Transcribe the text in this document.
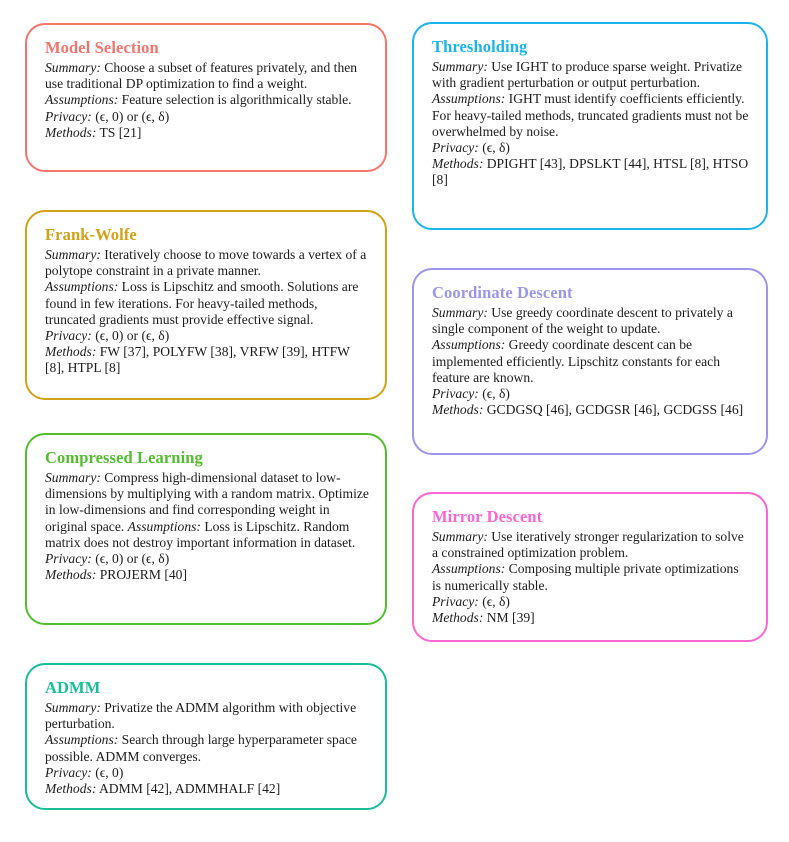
Model Selection

Summary: Choose a subset of features privately, and then use traditional DP optimization to find a weight.

Assumptions: Feature selection is algorithmically stable.

Privacy: (ϵ, 0) or (ϵ, δ)

Methods: TS [21]

Frank-Wolfe

Summary: Iteratively choose to move towards a vertex of a polytope constraint in a private manner.

Assumptions: Loss is Lipschitz and smooth. Solutions are found in few iterations. For heavy-tailed methods, truncated gradients must provide effective signal.

Privacy: (ϵ, 0) or (ϵ, δ)

Methods: FW [37], POLYFW [38], VRFW [39], HTFW [8], HTPL [8]

Compressed Learning

Summary: Compress high-dimensional dataset to low-dimensions by multiplying with a random matrix. Optimize in low-dimensions and find corresponding weight in original space. Assumptions: Loss is Lipschitz. Random matrix does not destroy important information in dataset.

Privacy: (ϵ, 0) or (ϵ, δ)

Methods: PROJERM [40]

ADMM

Summary: Privatize the ADMM algorithm with objective perturbation.

Assumptions: Search through large hyperparameter space possible. ADMM converges.

Privacy: (ϵ, 0)

Methods: ADMM [42], ADMMHALF [42]

Thresholding

Summary: Use IGHT to produce sparse weight. Privatize with gradient perturbation or output perturbation.

Assumptions: IGHT must identify coefficients efficiently. For heavy-tailed methods, truncated gradients must not be overwhelmed by noise.

Privacy: (ϵ, δ)

Methods: DPIGHT [43], DPSLKT [44], HTSL [8], HTSO [8]

Coordinate Descent

Summary: Use greedy coordinate descent to privately a single component of the weight to update.

Assumptions: Greedy coordinate descent can be implemented efficiently. Lipschitz constants for each feature are known.

Privacy: (ϵ, δ)

Methods: GCDGSQ [46], GCDGSR [46], GCDGSS [46]

Mirror Descent

Summary: Use iteratively stronger regularization to solve a constrained optimization problem.

Assumptions: Composing multiple private optimizations is numerically stable.

Privacy: (ϵ, δ)

Methods: NM [39]
